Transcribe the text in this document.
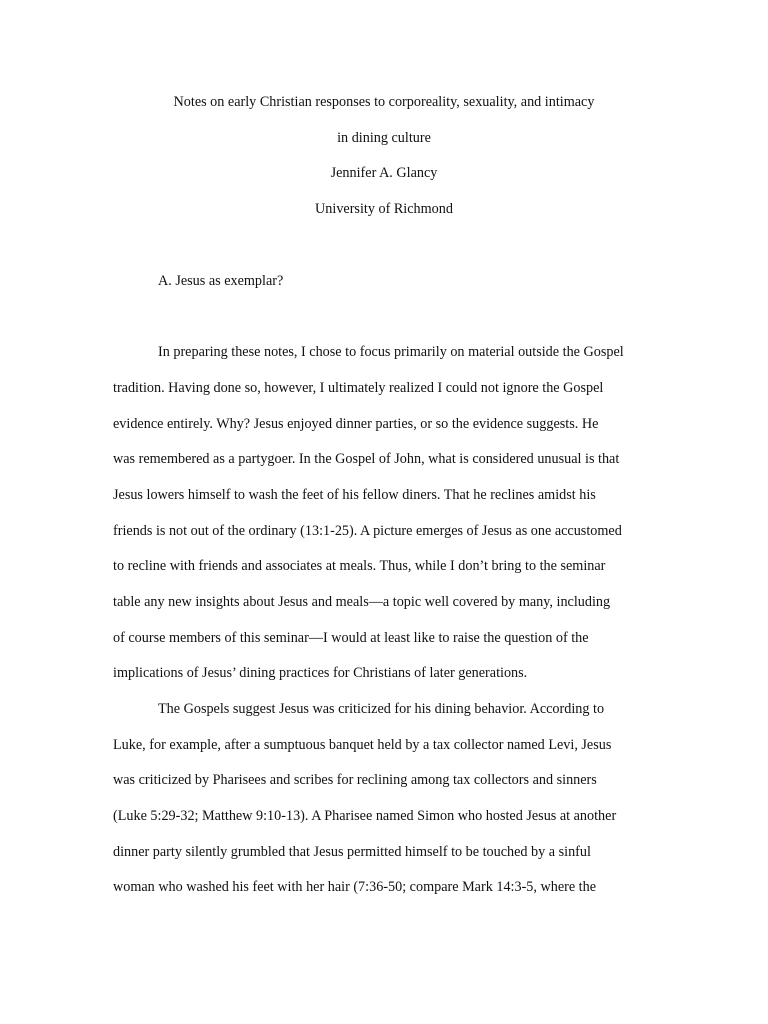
Notes on early Christian responses to corporeality, sexuality, and intimacy
in dining culture
Jennifer A. Glancy
University of Richmond
A. Jesus as exemplar?
In preparing these notes, I chose to focus primarily on material outside the Gospel
tradition. Having done so, however, I ultimately realized I could not ignore the Gospel
evidence entirely. Why? Jesus enjoyed dinner parties, or so the evidence suggests. He
was remembered as a partygoer. In the Gospel of John, what is considered unusual is that
Jesus lowers himself to wash the feet of his fellow diners. That he reclines amidst his
friends is not out of the ordinary (13:1-25). A picture emerges of Jesus as one accustomed
to recline with friends and associates at meals. Thus, while I don’t bring to the seminar
table any new insights about Jesus and meals—a topic well covered by many, including
of course members of this seminar—I would at least like to raise the question of the
implications of Jesus’ dining practices for Christians of later generations.
The Gospels suggest Jesus was criticized for his dining behavior. According to
Luke, for example, after a sumptuous banquet held by a tax collector named Levi, Jesus
was criticized by Pharisees and scribes for reclining among tax collectors and sinners
(Luke 5:29-32; Matthew 9:10-13). A Pharisee named Simon who hosted Jesus at another
dinner party silently grumbled that Jesus permitted himself to be touched by a sinful
woman who washed his feet with her hair (7:36-50; compare Mark 14:3-5, where the
